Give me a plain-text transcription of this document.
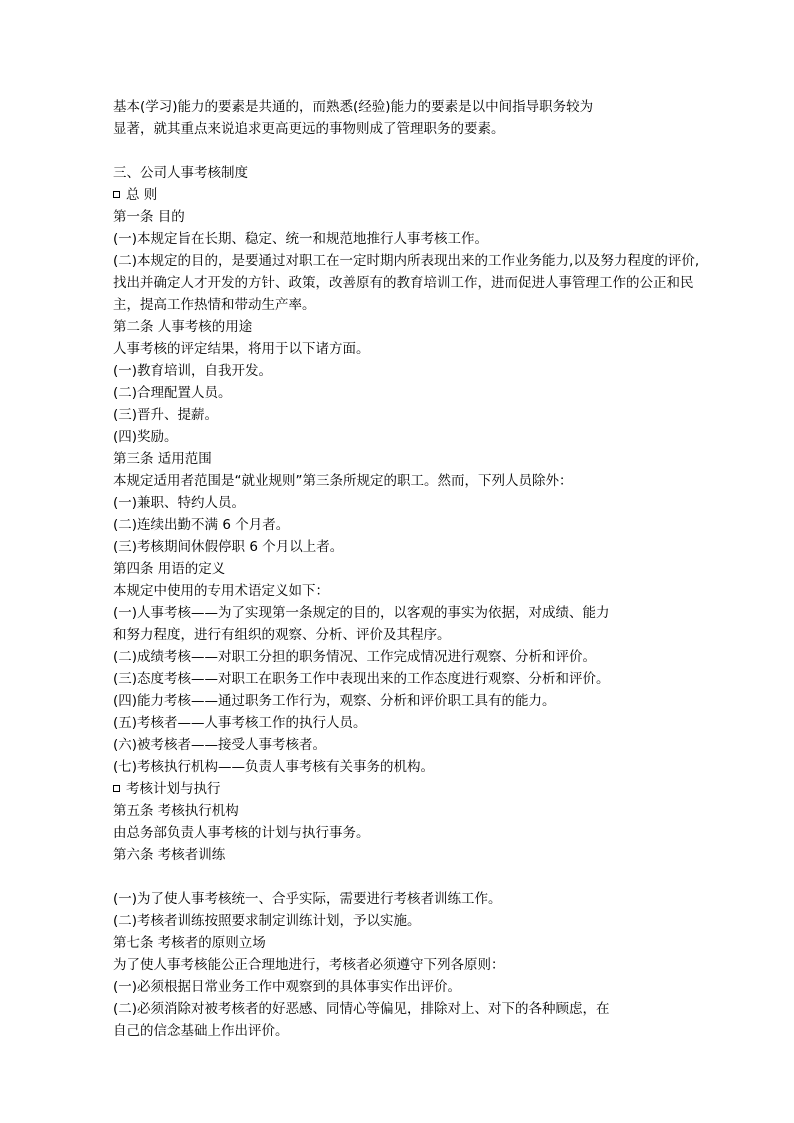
基本(学习)能力的要素是共通的，而熟悉(经验)能力的要素是以中间指导职务较为
显著，就其重点来说追求更高更远的事物则成了管理职务的要素。
三、公司人事考核制度
总 则
第一条 目的
(一)本规定旨在长期、稳定、统一和规范地推行人事考核工作。
(二)本规定的目的，是要通过对职工在一定时期内所表现出来的工作业务能力,以及努力程度的评价,
找出并确定人才开发的方针、政策，改善原有的教育培训工作，进而促进人事管理工作的公正和民
主，提高工作热情和带动生产率。
第二条 人事考核的用途
人事考核的评定结果，将用于以下诸方面。
(一)教育培训，自我开发。
(二)合理配置人员。
(三)晋升、提薪。
(四)奖励。
第三条 适用范围
本规定适用者范围是“就业规则”第三条所规定的职工。然而，下列人员除外：
(一)兼职、特约人员。
(二)连续出勤不满 6 个月者。
(三)考核期间休假停职 6 个月以上者。
第四条 用语的定义
本规定中使用的专用术语定义如下：
(一)人事考核——为了实现第一条规定的目的，以客观的事实为依据，对成绩、能力
和努力程度，进行有组织的观察、分析、评价及其程序。
(二)成绩考核——对职工分担的职务情况、工作完成情况进行观察、分析和评价。
(三)态度考核——对职工在职务工作中表现出来的工作态度进行观察、分析和评价。
(四)能力考核——通过职务工作行为，观察、分析和评价职工具有的能力。
(五)考核者——人事考核工作的执行人员。
(六)被考核者——接受人事考核者。
(七)考核执行机构——负责人事考核有关事务的机构。
考核计划与执行
第五条 考核执行机构
由总务部负责人事考核的计划与执行事务。
第六条 考核者训练
(一)为了使人事考核统一、合乎实际，需要进行考核者训练工作。
(二)考核者训练按照要求制定训练计划，予以实施。
第七条 考核者的原则立场
为了使人事考核能公正合理地进行，考核者必须遵守下列各原则：
(一)必须根据日常业务工作中观察到的具体事实作出评价。
(二)必须消除对被考核者的好恶感、同情心等偏见，排除对上、对下的各种顾虑，在
自己的信念基础上作出评价。
